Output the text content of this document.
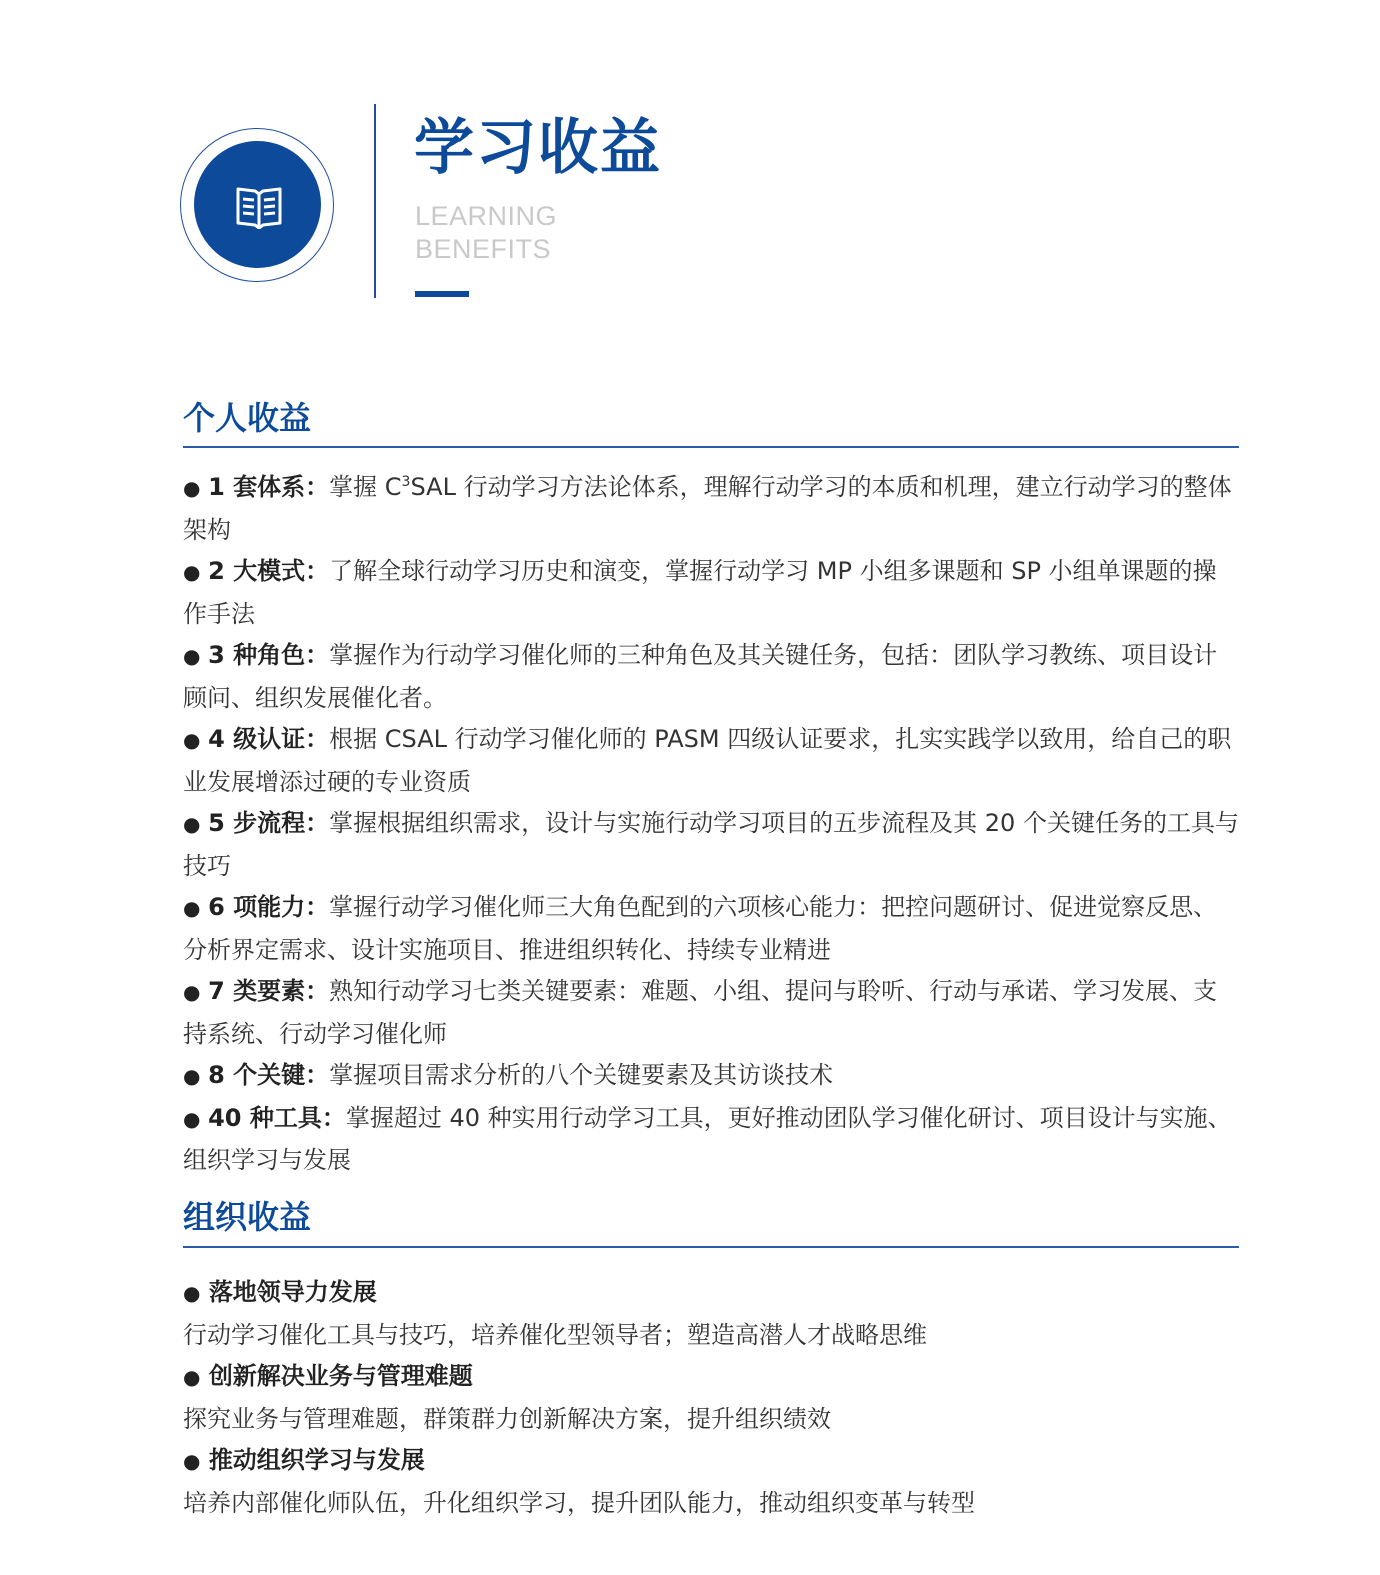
学习收益
LEARNING
BENEFITS
个人收益
● 1 套体系：掌握 $C^3SAL$ 行动学习方法论体系，理解行动学习的本质和机理，建立行动学习的整体架构
● 2 大模式：了解全球行动学习历史和演变，掌握行动学习 MP 小组多课题和 SP 小组单课题的操作手法
● 3 种角色：掌握作为行动学习催化师的三种角色及其关键任务，包括：团队学习教练、项目设计顾问、组织发展催化者。
● 4 级认证：根据 CSAL 行动学习催化师的 PASM 四级认证要求，扎实实践学以致用，给自己的职业发展增添过硬的专业资质
● 5 步流程：掌握根据组织需求，设计与实施行动学习项目的五步流程及其 20 个关键任务的工具与技巧
● 6 项能力：掌握行动学习催化师三大角色配到的六项核心能力：把控问题研讨、促进觉察反思、分析界定需求、设计实施项目、推进组织转化、持续专业精进
● 7 类要素：熟知行动学习七类关键要素：难题、小组、提问与聆听、行动与承诺、学习发展、支持系统、行动学习催化师
● 8 个关键：掌握项目需求分析的八个关键要素及其访谈技术
● 40 种工具：掌握超过 40 种实用行动学习工具，更好推动团队学习催化研讨、项目设计与实施、组织学习与发展
组织收益
● 落地领导力发展
行动学习催化工具与技巧，培养催化型领导者；塑造高潜人才战略思维
● 创新解决业务与管理难题
探究业务与管理难题，群策群力创新解决方案，提升组织绩效
● 推动组织学习与发展
培养内部催化师队伍，升化组织学习，提升团队能力，推动组织变革与转型
